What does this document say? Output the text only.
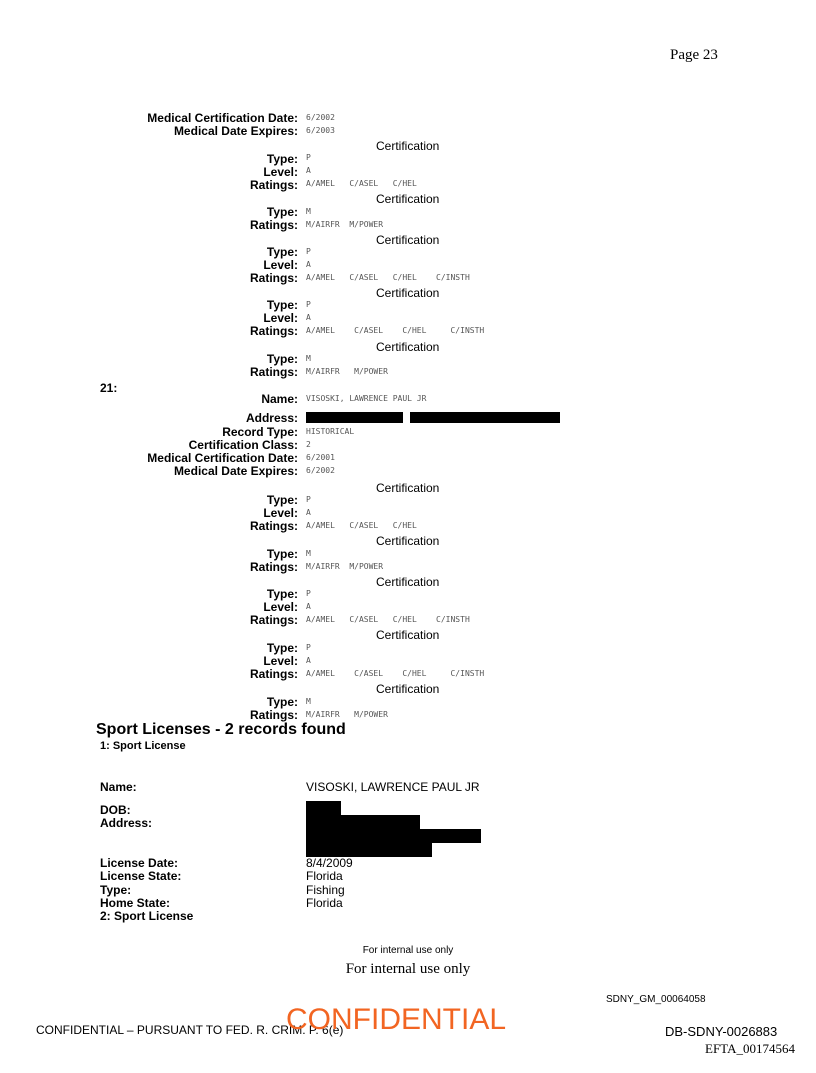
Page 23
Medical Certification Date: 6/2002
Medical Date Expires: 6/2003
Certification
Type: P
Level: A
Ratings: A/AMEL   C/ASEL   C/HEL
Certification
Type: M
Ratings: M/AIRFR  M/POWER
Certification
Type: P
Level: A
Ratings: A/AMEL   C/ASEL   C/HEL    C/INSTH
Certification
Type: P
Level: A
Ratings: A/AMEL    C/ASEL    C/HEL     C/INSTH
Certification
Type: M
Ratings: M/AIRFR   M/POWER
21:
Name: VISOSKI, LAWRENCE PAUL JR
Address:
Record Type: HISTORICAL
Certification Class: 2
Medical Certification Date: 6/2001
Medical Date Expires: 6/2002
Certification
Type: P
Level: A
Ratings: A/AMEL   C/ASEL   C/HEL
Certification
Type: M
Ratings: M/AIRFR  M/POWER
Certification
Type: P
Level: A
Ratings: A/AMEL   C/ASEL   C/HEL    C/INSTH
Certification
Type: P
Level: A
Ratings: A/AMEL    C/ASEL    C/HEL     C/INSTH
Certification
Type: M
Ratings: M/AIRFR   M/POWER
Sport Licenses - 2 records found
1: Sport License
Name:	VISOSKI, LAWRENCE PAUL JR
DOB:
Address:
License Date:	8/4/2009
License State:	Florida
Type:	Fishing
Home State:	Florida
2: Sport License
For internal use only
For internal use only
SDNY_GM_00064058
CONFIDENTIAL – PURSUANT TO FED. R. CRIM. P. 6(e)
CONFIDENTIAL	DB-SDNY-0026883
EFTA_00174564
